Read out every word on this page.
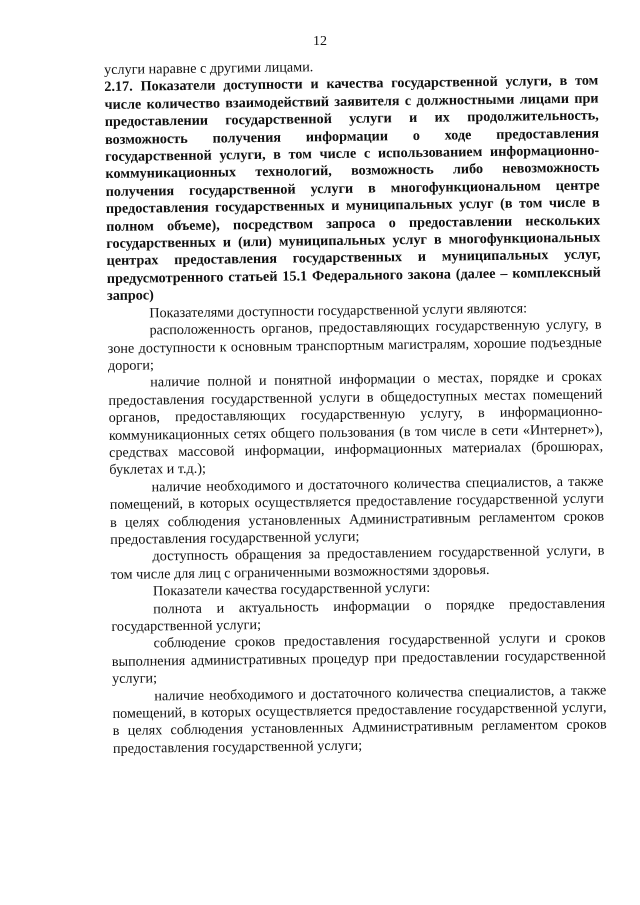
12

услуги наравне с другими лицами.

2.17. Показатели доступности и качества государственной услуги, в том числе количество взаимодействий заявителя с должностными лицами при предоставлении государственной услуги и их продолжительность, возможность получения информации о ходе предоставления государственной услуги, в том числе с использованием информационно-коммуникационных технологий, возможность либо невозможность получения государственной услуги в многофункциональном центре предоставления государственных и муниципальных услуг (в том числе в полном объеме), посредством запроса о предоставлении нескольких государственных и (или) муниципальных услуг в многофункциональных центрах предоставления государственных и муниципальных услуг, предусмотренного статьей 15.1 Федерального закона (далее – комплексный запрос)

Показателями доступности государственной услуги являются:

расположенность органов, предоставляющих государственную услугу, в зоне доступности к основным транспортным магистралям, хорошие подъездные дороги;

наличие полной и понятной информации о местах, порядке и сроках предоставления государственной услуги в общедоступных местах помещений органов, предоставляющих государственную услугу, в информационно-коммуникационных сетях общего пользования (в том числе в сети «Интернет»), средствах массовой информации, информационных материалах (брошюрах, буклетах и т.д.);

наличие необходимого и достаточного количества специалистов, а также помещений, в которых осуществляется предоставление государственной услуги в целях соблюдения установленных Административным регламентом сроков предоставления государственной услуги;

доступность обращения за предоставлением государственной услуги, в том числе для лиц с ограниченными возможностями здоровья.

Показатели качества государственной услуги:

полнота и актуальность информации о порядке предоставления государственной услуги;

соблюдение сроков предоставления государственной услуги и сроков выполнения административных процедур при предоставлении государственной услуги;

наличие необходимого и достаточного количества специалистов, а также помещений, в которых осуществляется предоставление государственной услуги, в целях соблюдения установленных Административным регламентом сроков предоставления государственной услуги;
